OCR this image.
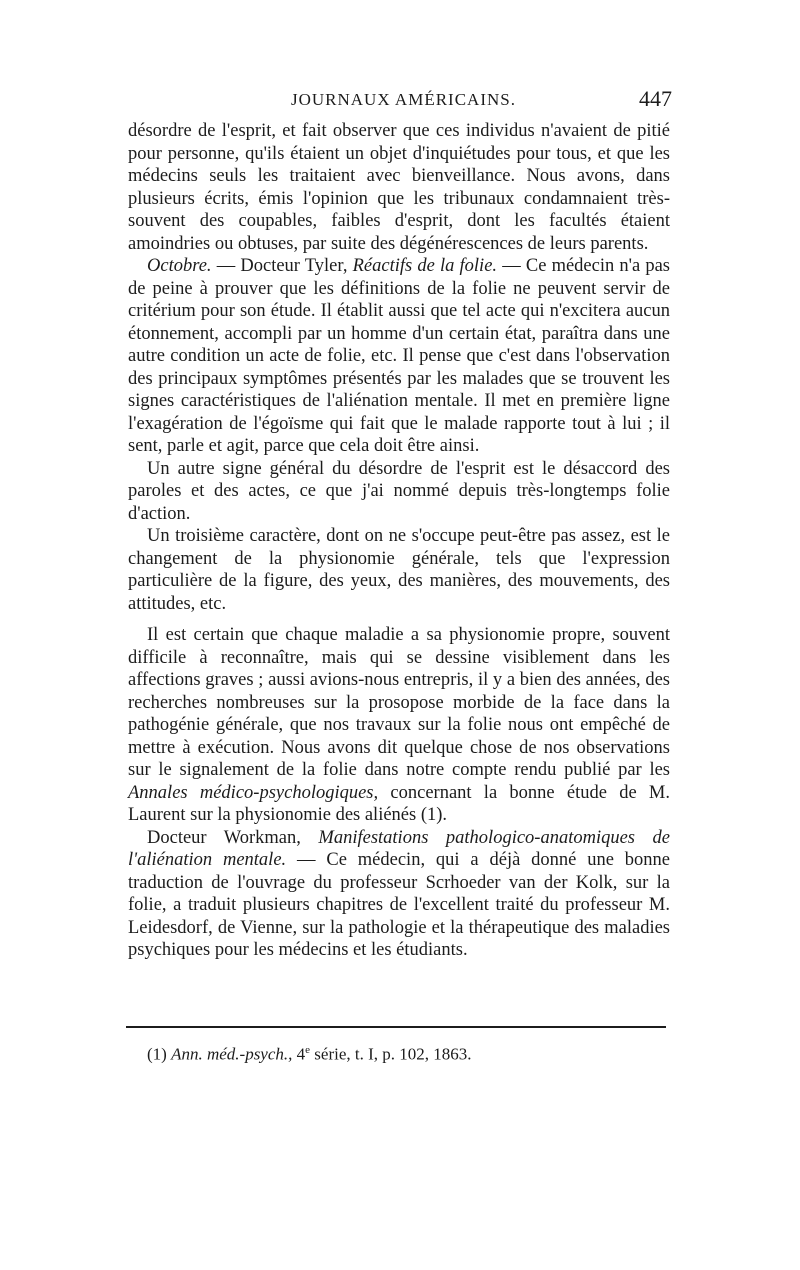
JOURNAUX AMÉRICAINS.	447

désordre de l'esprit, et fait observer que ces individus n'avaient de pitié pour personne, qu'ils étaient un objet d'inquiétudes pour tous, et que les médecins seuls les traitaient avec bienveillance. Nous avons, dans plusieurs écrits, émis l'opinion que les tribunaux condamnaient très-souvent des coupables, faibles d'esprit, dont les facultés étaient amoindries ou obtuses, par suite des dégénérescences de leurs parents.

Octobre. — Docteur Tyler, Réactifs de la folie. — Ce médecin n'a pas de peine à prouver que les définitions de la folie ne peuvent servir de critérium pour son étude. Il établit aussi que tel acte qui n'excitera aucun étonnement, accompli par un homme d'un certain état, paraîtra dans une autre condition un acte de folie, etc. Il pense que c'est dans l'observation des principaux symptômes présentés par les malades que se trouvent les signes caractéristiques de l'aliénation mentale. Il met en première ligne l'exagération de l'égoïsme qui fait que le malade rapporte tout à lui ; il sent, parle et agit, parce que cela doit être ainsi.

Un autre signe général du désordre de l'esprit est le désaccord des paroles et des actes, ce que j'ai nommé depuis très-longtemps folie d'action.

Un troisième caractère, dont on ne s'occupe peut-être pas assez, est le changement de la physionomie générale, tels que l'expression particulière de la figure, des yeux, des manières, des mouvements, des attitudes, etc.

Il est certain que chaque maladie a sa physionomie propre, souvent difficile à reconnaître, mais qui se dessine visiblement dans les affections graves ; aussi avions-nous entrepris, il y a bien des années, des recherches nombreuses sur la prosopose morbide de la face dans la pathogénie générale, que nos travaux sur la folie nous ont empêché de mettre à exécution. Nous avons dit quelque chose de nos observations sur le signalement de la folie dans notre compte rendu publié par les Annales médico-psychologiques, concernant la bonne étude de M. Laurent sur la physionomie des aliénés (1).

Docteur Workman, Manifestations pathologico-anatomiques de l'aliénation mentale. — Ce médecin, qui a déjà donné une bonne traduction de l'ouvrage du professeur Scrhoeder van der Kolk, sur la folie, a traduit plusieurs chapitres de l'excellent traité du professeur M. Leidesdorf, de Vienne, sur la pathologie et la thérapeutique des maladies psychiques pour les médecins et les étudiants.

(1) Ann. méd.-psych., 4e série, t. I, p. 102, 1863.
